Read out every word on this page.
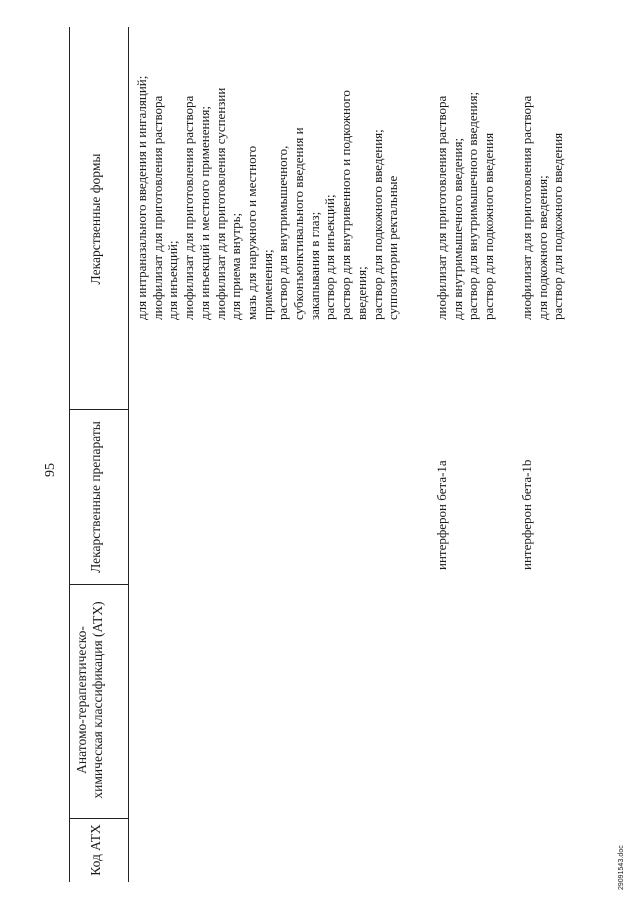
95
Код АТХ
Анатомо-терапевтическо-химическая классификация (АТХ)
Лекарственные препараты
Лекарственные формы для интраназального введения и ингаляций; лиофилизат для приготовления раствора для инъекций; лиофилизат для приготовления раствора для инъекций и местного применения; лиофилизат для приготовления суспензии для приема внутрь; мазь для наружного и местного применения; раствор для внутримышечного, субконъюнктивального введения и закапывания в глаз; раствор для инъекций; раствор для внутривенного и подкожного введения; раствор для подкожного введения; суппозитории ректальные
интерферон бета-1a
лиофилизат для приготовления раствора для внутримышечного введения; раствор для внутримышечного введения; раствор для подкожного введения
интерферон бета-1b
лиофилизат для приготовления раствора для подкожного введения; раствор для подкожного введения
2909154З.doc
